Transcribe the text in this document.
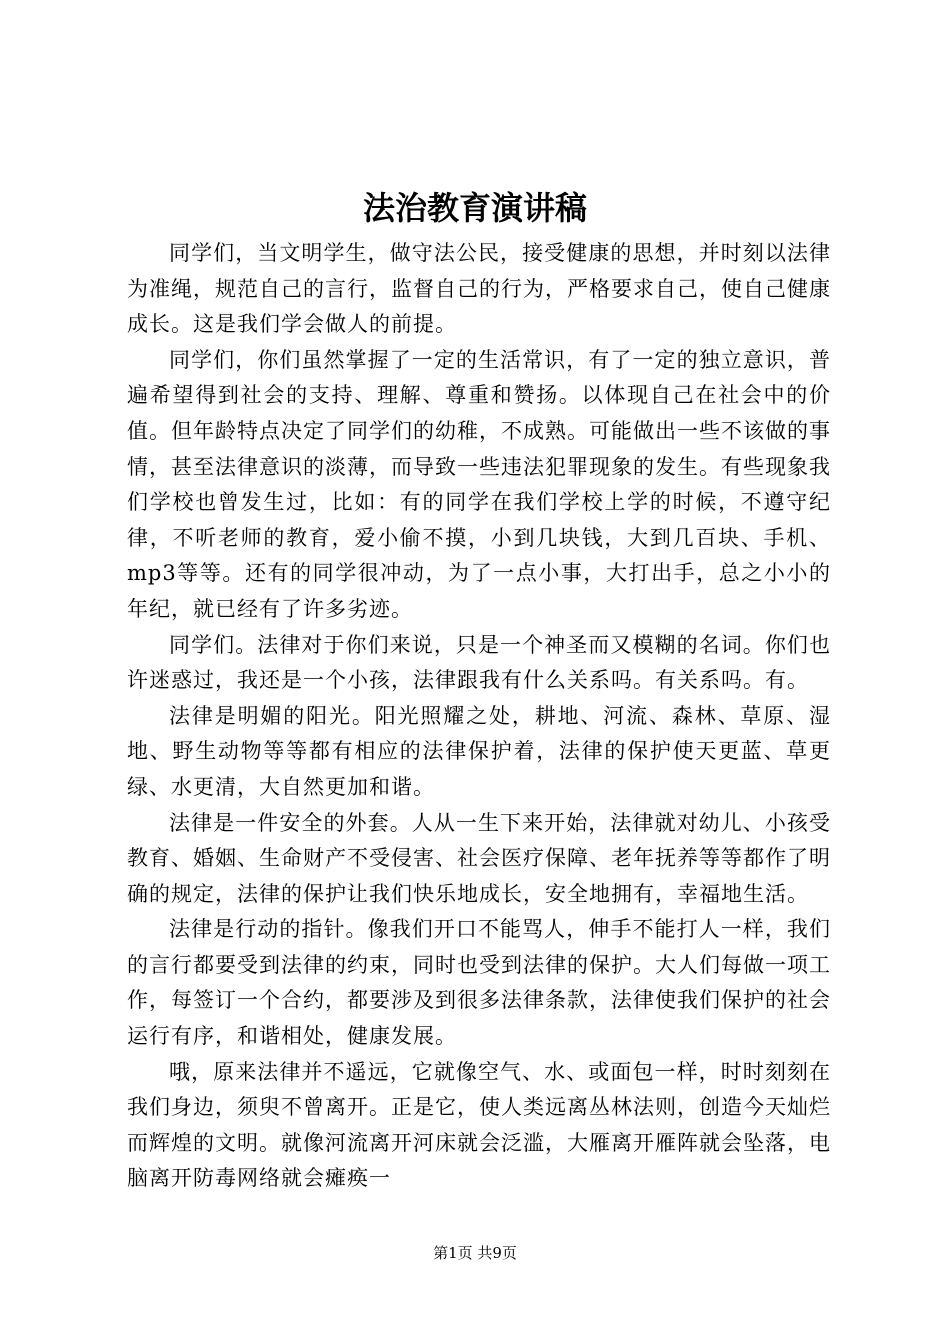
法治教育演讲稿

同学们，当文明学生，做守法公民，接受健康的思想，并时刻以法律为准绳，规范自己的言行，监督自己的行为，严格要求自己，使自己健康成长。这是我们学会做人的前提。

同学们，你们虽然掌握了一定的生活常识，有了一定的独立意识，普遍希望得到社会的支持、理解、尊重和赞扬。以体现自己在社会中的价值。但年龄特点决定了同学们的幼稚，不成熟。可能做出一些不该做的事情，甚至法律意识的淡薄，而导致一些违法犯罪现象的发生。有些现象我们学校也曾发生过，比如：有的同学在我们学校上学的时候，不遵守纪律，不听老师的教育，爱小偷不摸，小到几块钱，大到几百块、手机、mp3等等。还有的同学很冲动，为了一点小事，大打出手，总之小小的年纪，就已经有了许多劣迹。

同学们。法律对于你们来说，只是一个神圣而又模糊的名词。你们也许迷惑过，我还是一个小孩，法律跟我有什么关系吗。有关系吗。有。

法律是明媚的阳光。阳光照耀之处，耕地、河流、森林、草原、湿地、野生动物等等都有相应的法律保护着，法律的保护使天更蓝、草更绿、水更清，大自然更加和谐。

法律是一件安全的外套。人从一生下来开始，法律就对幼儿、小孩受教育、婚姻、生命财产不受侵害、社会医疗保障、老年抚养等等都作了明确的规定，法律的保护让我们快乐地成长，安全地拥有，幸福地生活。

法律是行动的指针。像我们开口不能骂人，伸手不能打人一样，我们的言行都要受到法律的约束，同时也受到法律的保护。大人们每做一项工作，每签订一个合约，都要涉及到很多法律条款，法律使我们保护的社会运行有序，和谐相处，健康发展。

哦，原来法律并不遥远，它就像空气、水、或面包一样，时时刻刻在我们身边，须臾不曾离开。正是它，使人类远离丛林法则，创造今天灿烂而辉煌的文明。就像河流离开河床就会泛滥，大雁离开雁阵就会坠落，电脑离开防毒网络就会瘫痪一

第1页 共9页
